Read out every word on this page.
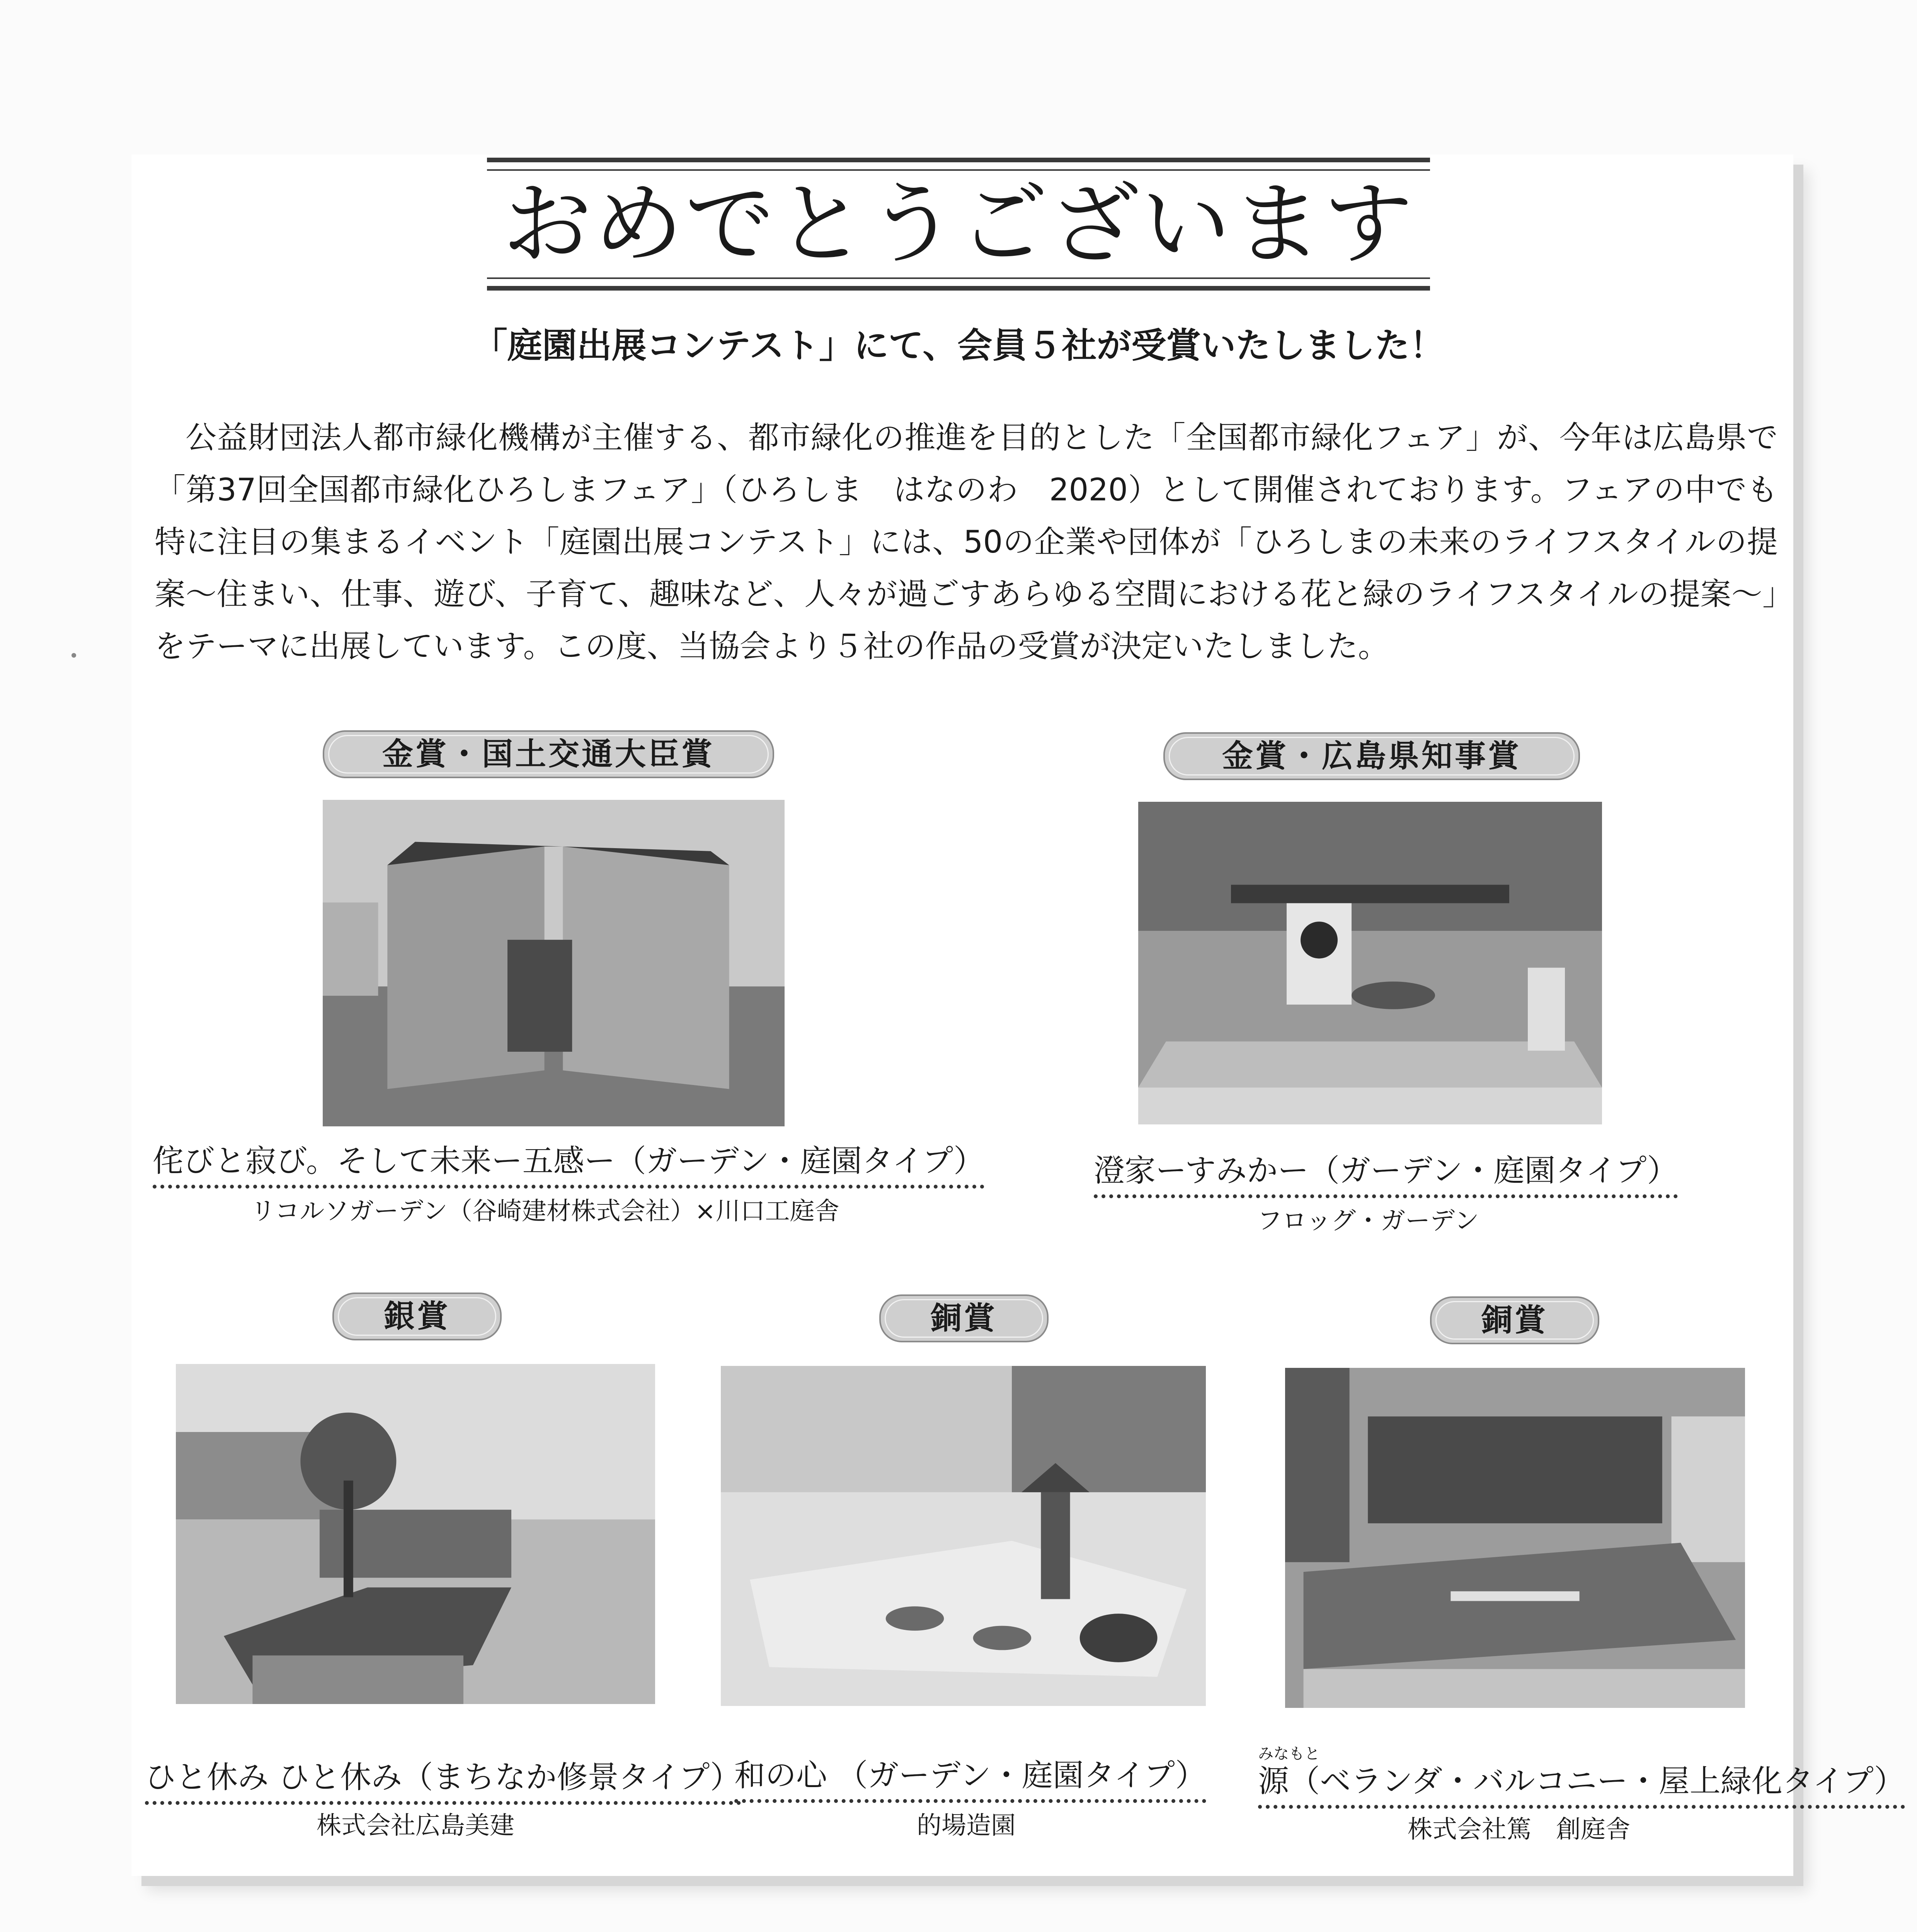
おめでとうございます
「庭園出展コンテスト」にて、会員５社が受賞いたしました！
公益財団法人都市緑化機構が主催する、都市緑化の推進を目的とした「全国都市緑化フェア」が、今年は広島県で「第37回全国都市緑化ひろしまフェア」（ひろしま　はなのわ　2020）として開催されております。フェアの中でも特に注目の集まるイベント「庭園出展コンテスト」には、50の企業や団体が「ひろしまの未来のライフスタイルの提案～住まい、仕事、遊び、子育て、趣味など、人々が過ごすあらゆる空間における花と緑のライフスタイルの提案～」をテーマに出展しています。この度、当協会より５社の作品の受賞が決定いたしました。
金賞・国土交通大臣賞
侘びと寂び。そして未来ー五感ー（ガーデン・庭園タイプ）
リコルソガーデン（谷崎建材株式会社）×川口工庭舎
金賞・広島県知事賞
澄家ーすみかー（ガーデン・庭園タイプ）
フロッグ・ガーデン
銀賞
ひと休み ひと休み（まちなか修景タイプ）
株式会社広島美建
銅賞
和の心 （ガーデン・庭園タイプ）
的場造園
銅賞
みなもと
源（ベランダ・バルコニー・屋上緑化タイプ）
株式会社篤　創庭舎
